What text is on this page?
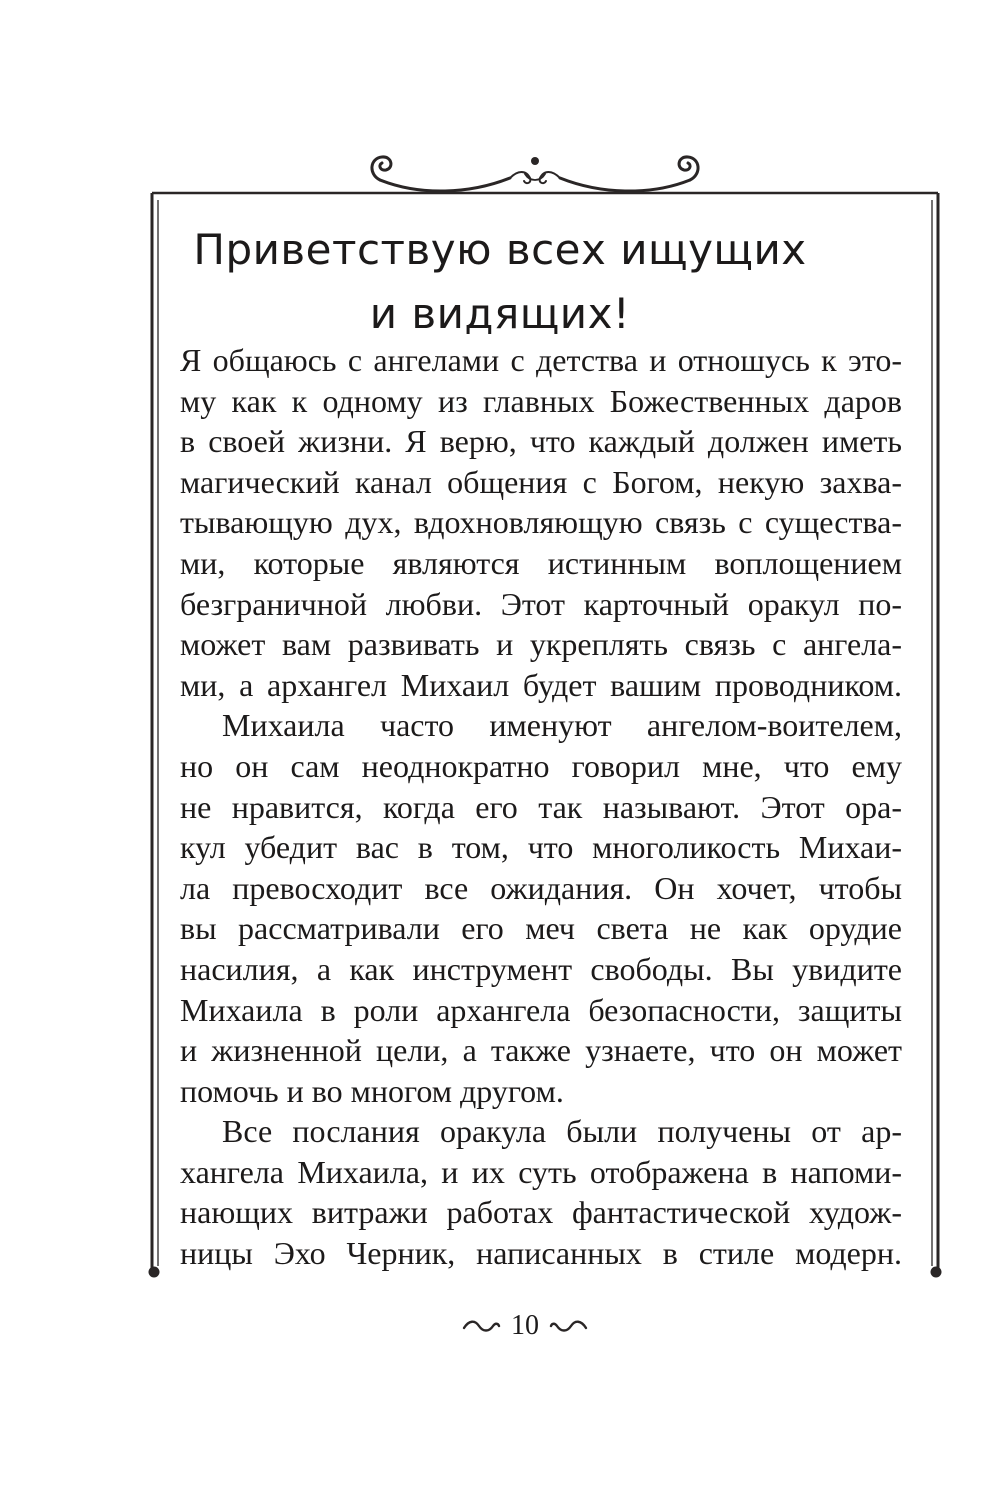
Приветствую всех ищущих
и видящих!
Я общаюсь с ангелами с детства и отношусь к это-
му как к одному из главных Божественных даров
в своей жизни. Я верю, что каждый должен иметь
магический канал общения с Богом, некую захва-
тывающую дух, вдохновляющую связь с существа-
ми, которые являются истинным воплощением
безграничной любви. Этот карточный оракул по-
может вам развивать и укреплять связь с ангела-
ми, а архангел Михаил будет вашим проводником.
Михаила часто именуют ангелом-воителем,
но он сам неоднократно говорил мне, что ему
не нравится, когда его так называют. Этот ора-
кул убедит вас в том, что многоликость Михаи-
ла превосходит все ожидания. Он хочет, чтобы
вы рассматривали его меч света не как орудие
насилия, а как инструмент свободы. Вы увидите
Михаила в роли архангела безопасности, защиты
и жизненной цели, а также узнаете, что он может
помочь и во многом другом.
Все послания оракула были получены от ар-
хангела Михаила, и их суть отображена в напоми-
нающих витражи работах фантастической худож-
ницы Эхо Черник, написанных в стиле модерн.
10
